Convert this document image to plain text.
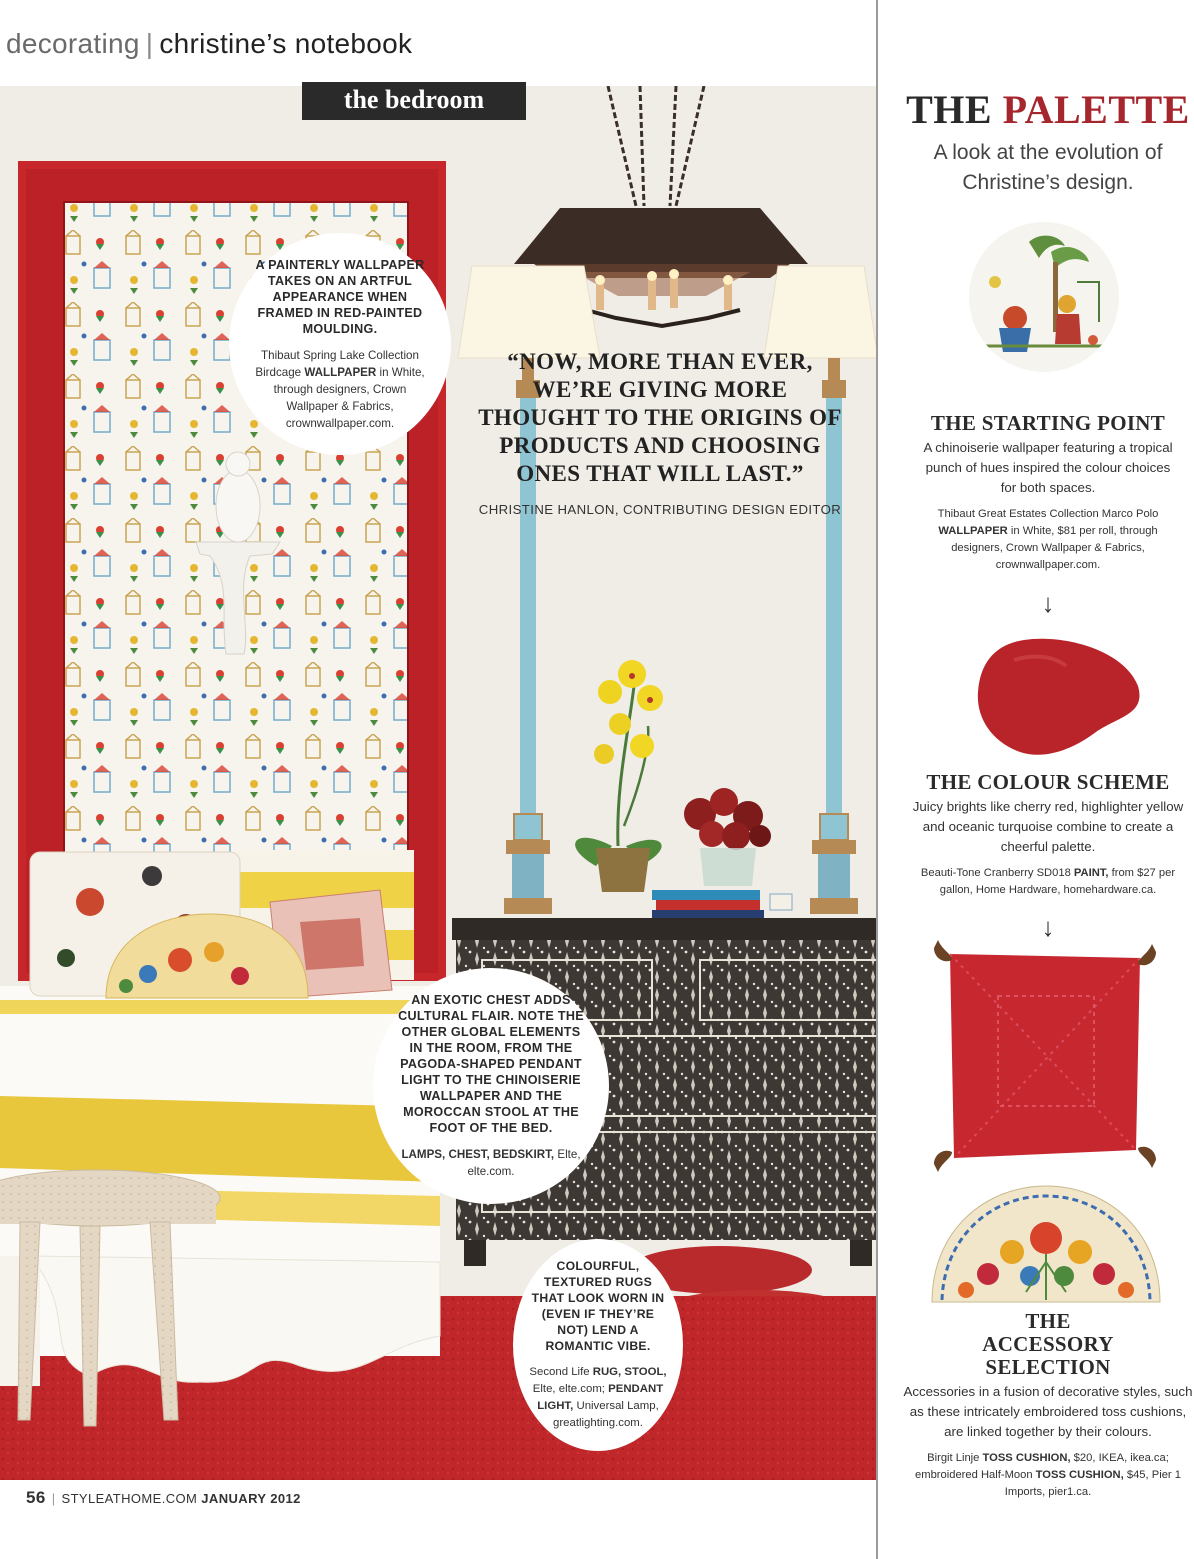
decorating | christine’s notebook
the bedroom
A PAINTERLY WALLPAPER TAKES ON AN ARTFUL APPEARANCE WHEN FRAMED IN RED-PAINTED MOULDING.
Thibaut Spring Lake Collection Birdcage WALLPAPER in White, through designers, Crown Wallpaper & Fabrics, crownwallpaper.com.
“NOW, MORE THAN EVER, WE’RE GIVING MORE THOUGHT TO THE ORIGINS OF PRODUCTS AND CHOOSING ONES THAT WILL LAST.”
CHRISTINE HANLON, CONTRIBUTING DESIGN EDITOR
AN EXOTIC CHEST ADDS CULTURAL FLAIR. NOTE THE OTHER GLOBAL ELEMENTS IN THE ROOM, FROM THE PAGODA-SHAPED PENDANT LIGHT TO THE CHINOISERIE WALLPAPER AND THE MOROCCAN STOOL AT THE FOOT OF THE BED.
LAMPS, CHEST, BEDSKIRT, Elte, elte.com.
COLOURFUL, TEXTURED RUGS THAT LOOK WORN IN (EVEN IF THEY’RE NOT) LEND A ROMANTIC VIBE.
Second Life RUG, STOOL, Elte, elte.com; PENDANT LIGHT, Universal Lamp, greatlighting.com.
THE PALETTE
A look at the evolution of Christine’s design.
THE STARTING POINT
A chinoiserie wallpaper featuring a tropical punch of hues inspired the colour choices for both spaces.
Thibaut Great Estates Collection Marco Polo WALLPAPER in White, $81 per roll, through designers, Crown Wallpaper & Fabrics, crownwallpaper.com.
↓
THE COLOUR SCHEME
Juicy brights like cherry red, highlighter yellow and oceanic turquoise combine to create a cheerful palette.
Beauti-Tone Cranberry SD018 PAINT, from $27 per gallon, Home Hardware, homehardware.ca.
↓
THE ACCESSORY SELECTION
Accessories in a fusion of decorative styles, such as these intricately embroidered toss cushions, are linked together by their colours.
Birgit Linje TOSS CUSHION, $20, IKEA, ikea.ca; embroidered Half-Moon TOSS CUSHION, $45, Pier 1 Imports, pier1.ca.
56 | STYLEATHOME.COM JANUARY 2012
